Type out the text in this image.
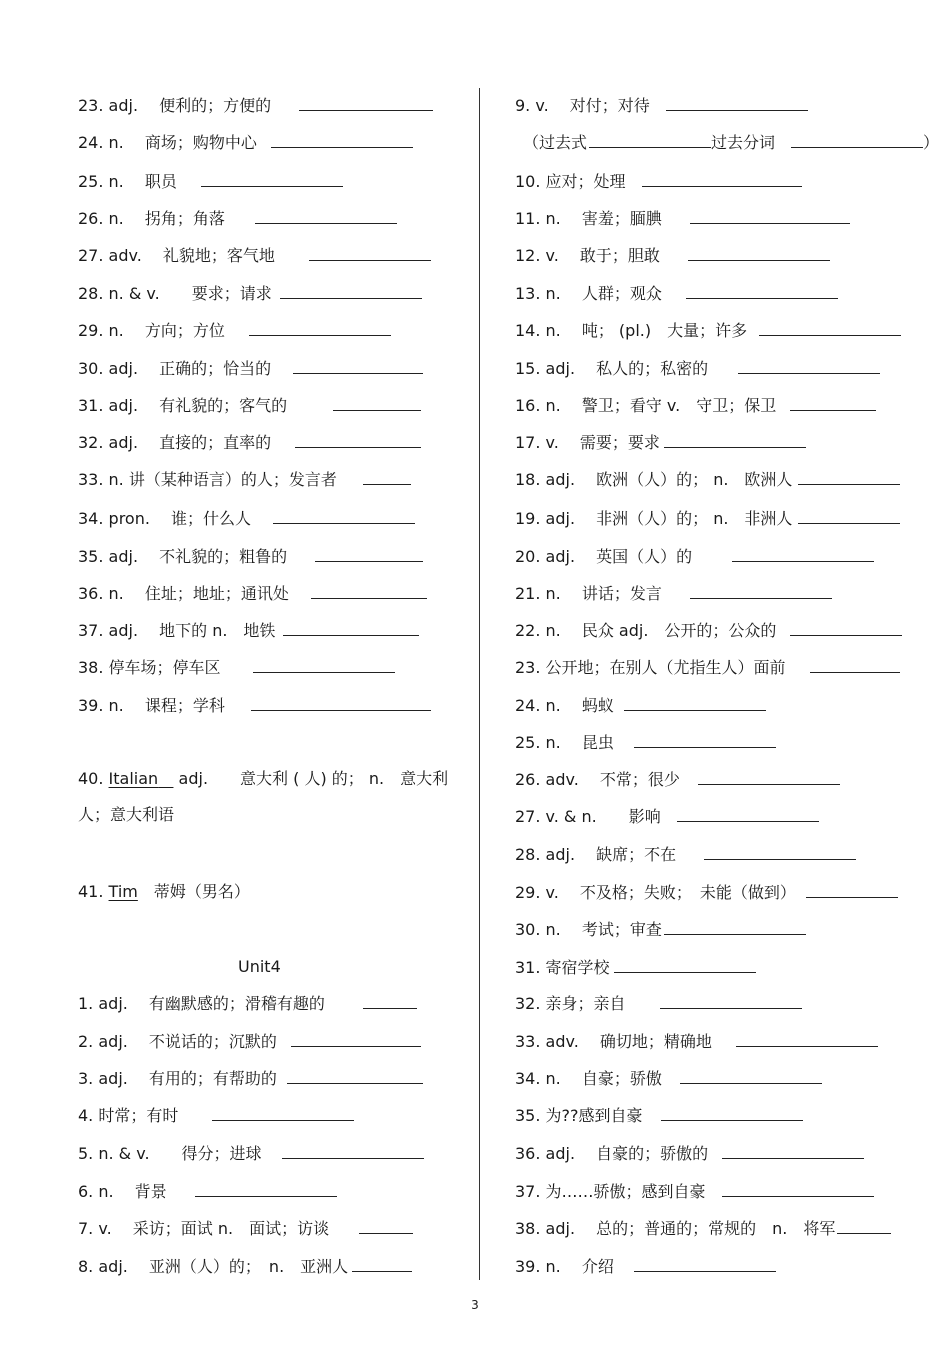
23. adj.　 便利的；方便的
24. n.　 商场；购物中心
25. n.　 职员
26. n.　 拐角；角落
27. adv.　 礼貌地；客气地
28. n. & v.　　要求；请求
29. n.　 方向；方位
30. adj.　 正确的；恰当的
31. adj.　 有礼貌的；客气的
32. adj.　 直接的；直率的
33. n. 讲（某种语言）的人；发言者
34. pron.　 谁；什么人
35. adj.　 不礼貌的；粗鲁的
36. n.　 住址；地址；通讯处
37. adj.　 地下的 n.　地铁
38. 停车场；停车区
39. n.　 课程；学科
40. Italian    adj.　　意大利 ( 人) 的； n.　意大利
人；意大利语
41. Tim　蒂姆（男名）
Unit4
1. adj.　 有幽默感的；滑稽有趣的
2. adj.　 不说话的；沉默的
3. adj.　 有用的；有帮助的
4. 时常；有时
5. n. & v.　　得分；进球
6. n.　 背景
7. v.　 采访；面试 n.　面试；访谈
8. adj.　 亚洲（人）的；　n.　亚洲人
9. v.　 对付；对待
（过去式	过去分词	）
10. 应对；处理
11. n.　 害羞；腼腆
12. v.　 敢于；胆敢
13. n.　 人群；观众
14. n.　 吨； (pl.)　大量；许多
15. adj.　 私人的；私密的
16. n.　 警卫；看守 v.　守卫；保卫
17. v.　 需要；要求
18. adj.　 欧洲（人）的； n.　欧洲人
19. adj.　 非洲（人）的； n.　非洲人
20. adj.　 英国（人）的
21. n.　 讲话；发言
22. n.　 民众 adj.　公开的；公众的
23. 公开地；在别人（尤指生人）面前
24. n.　 蚂蚁
25. n.　 昆虫
26. adv.　 不常；很少
27. v. & n.　　影响
28. adj.　 缺席；不在
29. v.　 不及格；失败；　未能（做到）
30. n.　 考试；审查
31. 寄宿学校
32. 亲身；亲自
33. adv.　 确切地；精确地
34. n.　 自豪；骄傲
35. 为??感到自豪
36. adj.　 自豪的；骄傲的
37. 为……骄傲；感到自豪
38. adj.　 总的；普通的；常规的　n.　将军
39. n.　 介绍
3
